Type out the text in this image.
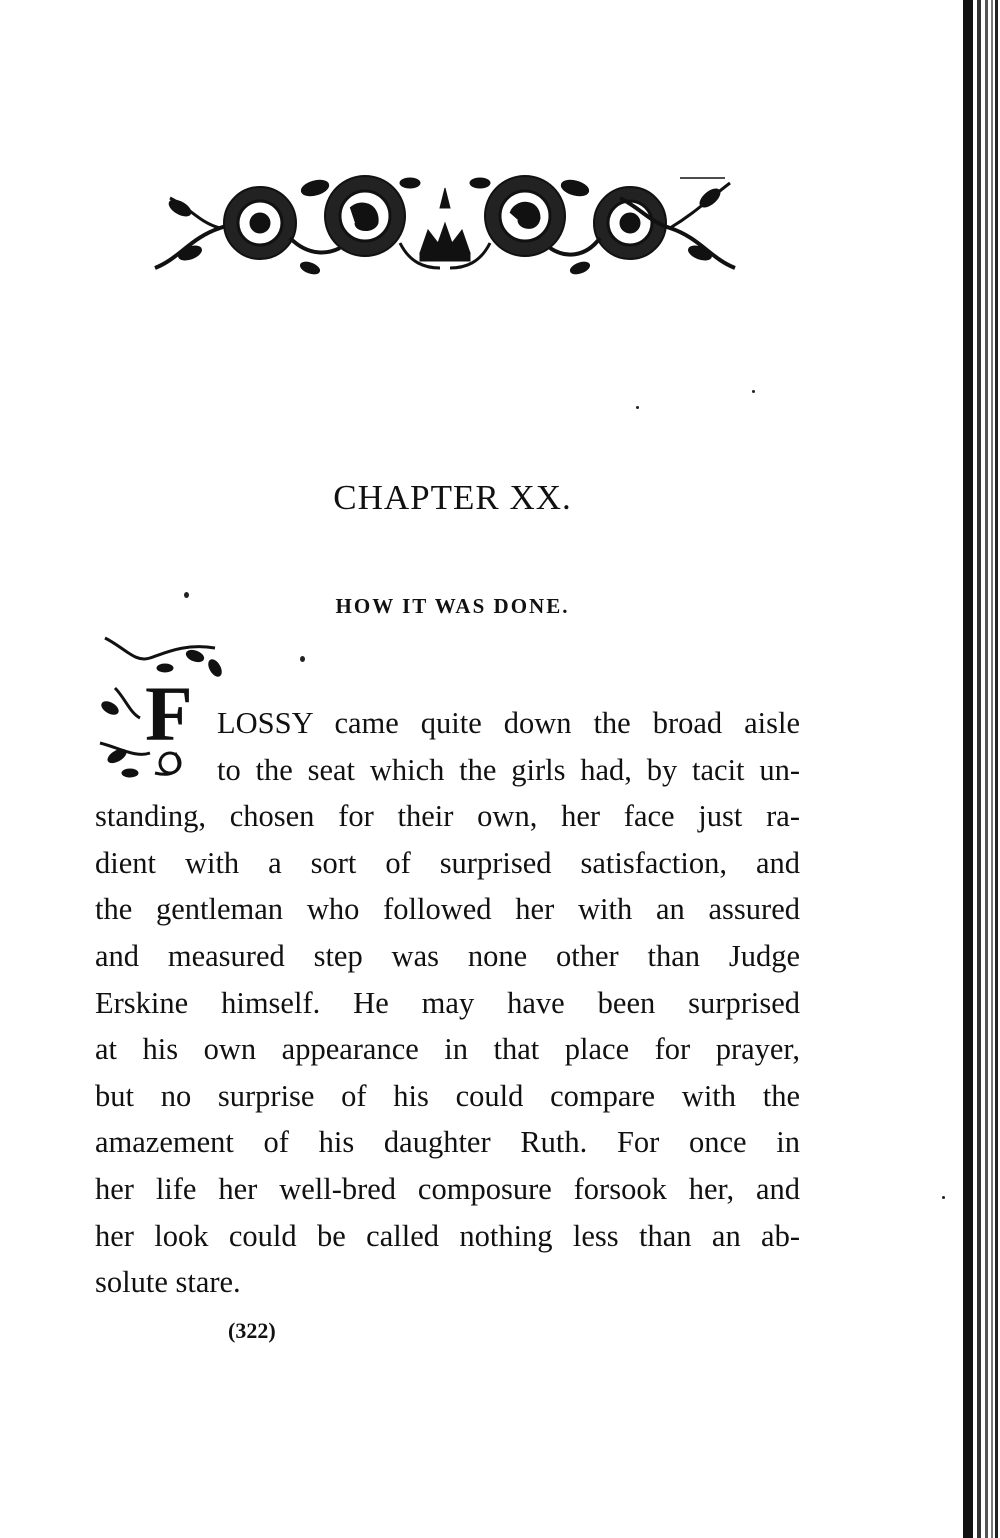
CHAPTER XX.
HOW IT WAS DONE.
F LOSSY came quite down the broad aisle
to the seat which the girls had, by tacit un-
standing, chosen for their own, her face just ra-
dient with a sort of surprised satisfaction, and
the gentleman who followed her with an assured
and measured step was none other than Judge
Erskine himself. He may have been surprised
at his own appearance in that place for prayer,
but no surprise of his could compare with the
amazement of his daughter Ruth. For once in
her life her well-bred composure forsook her, and
her look could be called nothing less than an ab-
solute stare.
(322)
